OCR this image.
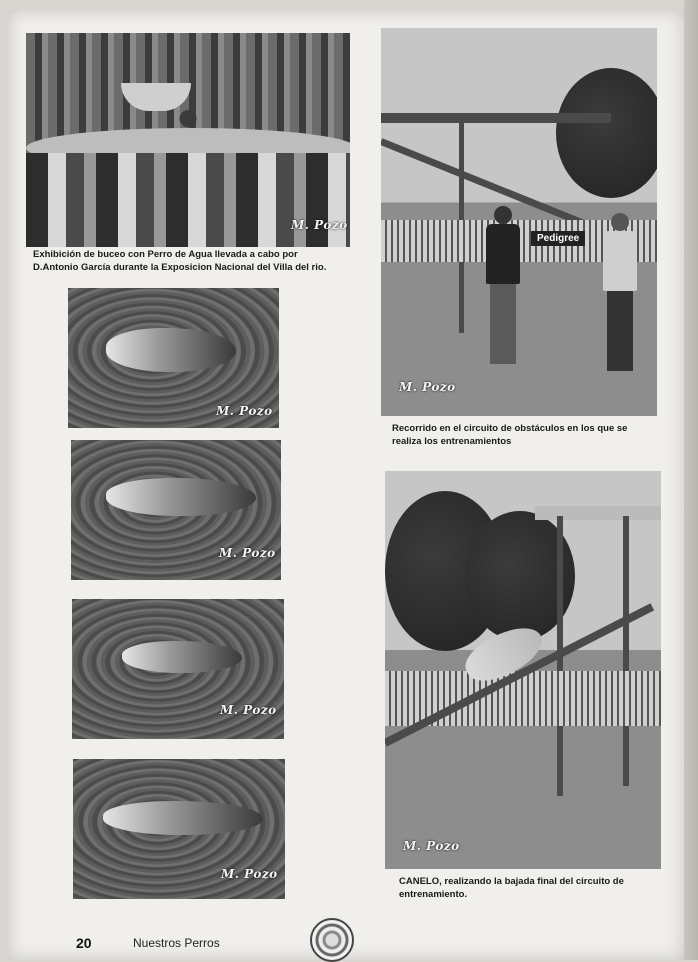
M. Pozo
Exhibición de buceo con Perro de Agua llevada a cabo por D.Antonio García durante la Exposicion Nacional del Villa del rio.
Pedigree
M. Pozo
Recorrido en el circuito de obstáculos en los que se realiza los entrenamientos
M. Pozo
M. Pozo
M. Pozo
M. Pozo
M. Pozo
CANELO, realizando la bajada final del circuito de entrenamiento.
20	Nuestros Perros
